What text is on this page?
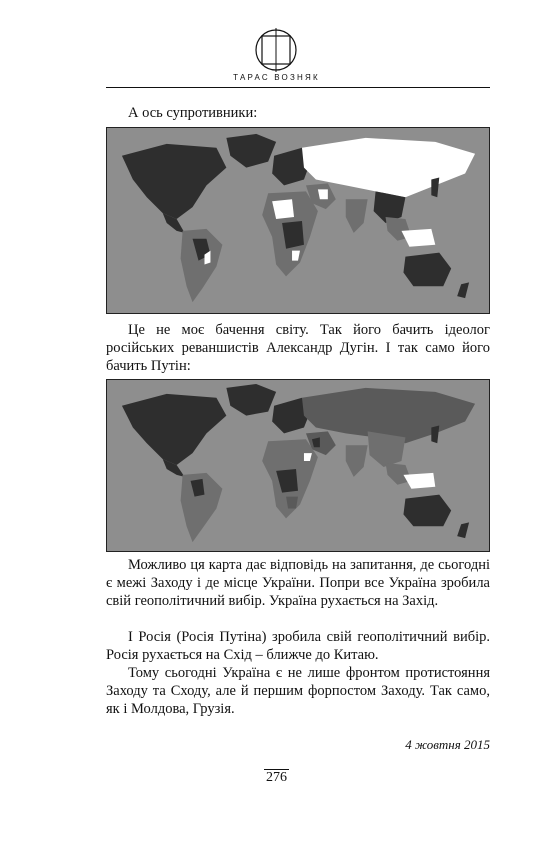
ТАРАС ВОЗНЯК

А ось супротивники:

Це не моє бачення світу. Так його бачить ідеолог російських реваншистів Александр Дугін. І так само його бачить Путін:

Можливо ця карта дає відповідь на запитання, де сьогодні є межі Заходу і де місце України. Попри все Україна зробила свій геополітичний вибір. Україна рухається на Захід.

І Росія (Росія Путіна) зробила свій геополітичний вибір. Росія рухається на Схід – ближче до Китаю.

Тому сьогодні Україна є не лише фронтом протистояння Заходу та Сходу, але й першим форпостом Заходу. Так само, як і Молдова, Грузія.

4 жовтня 2015
276
